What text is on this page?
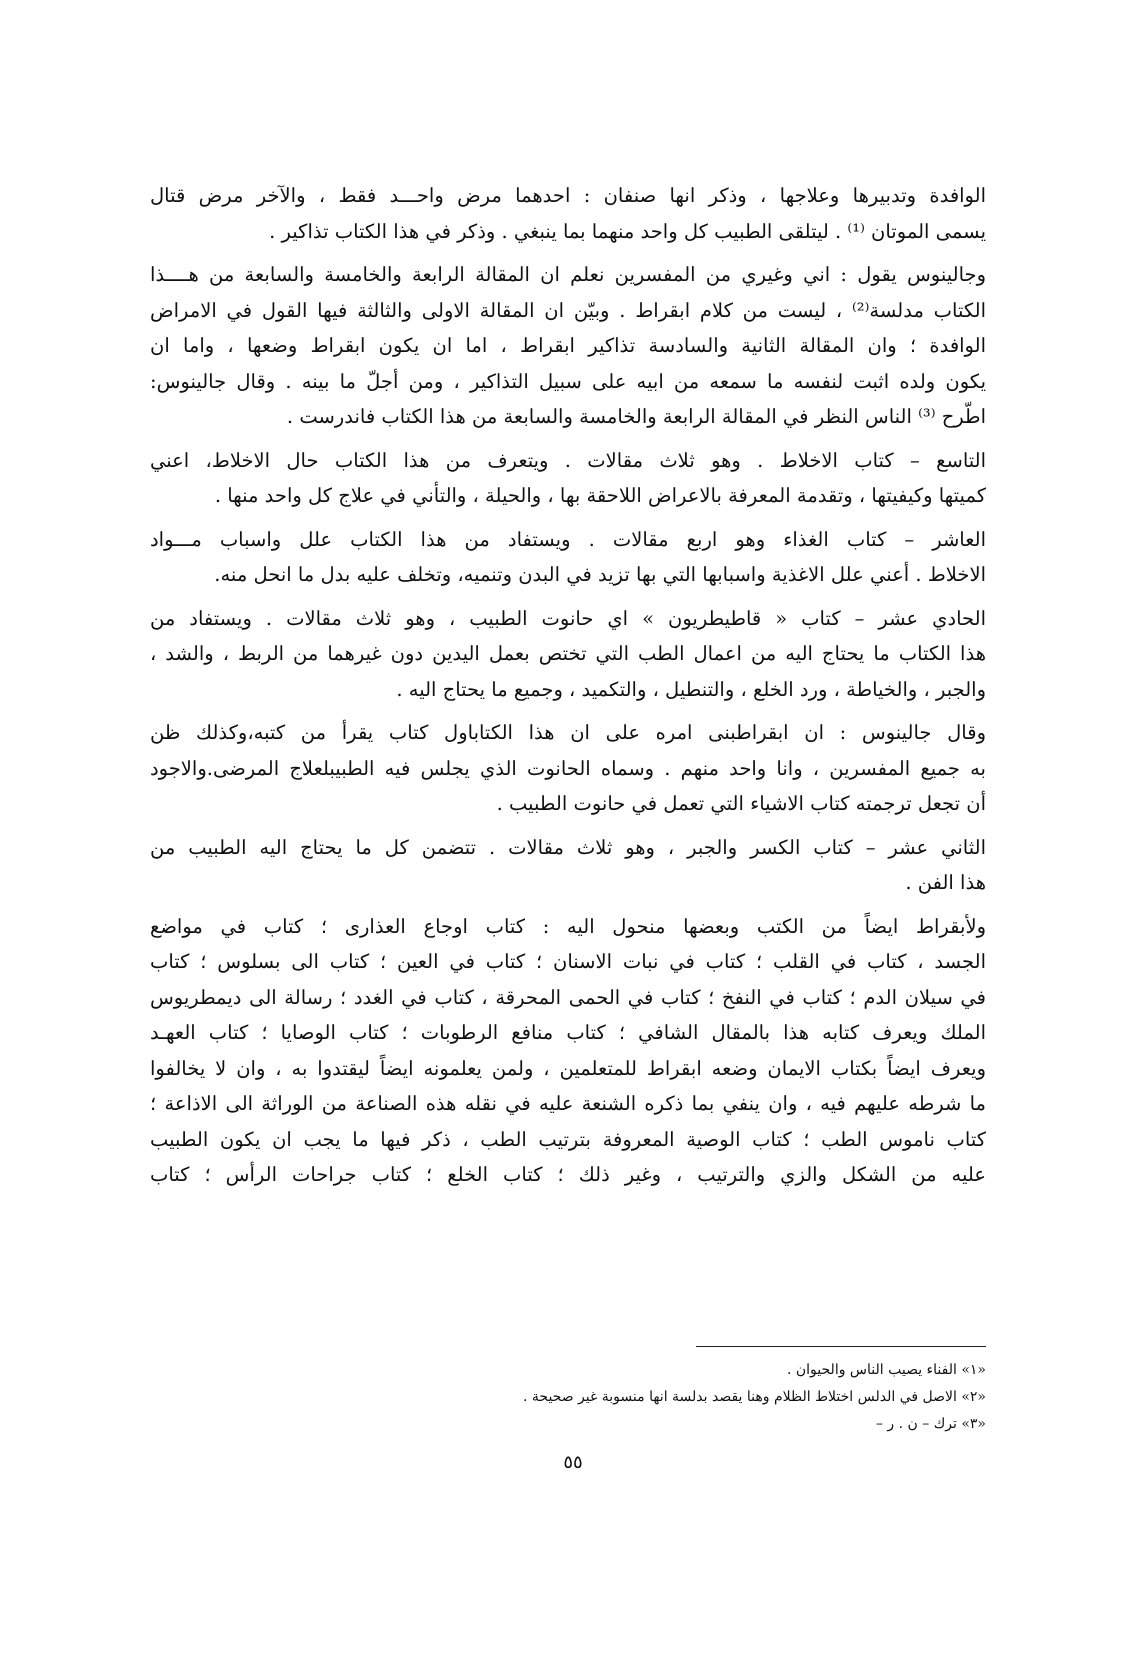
الوافدة وتدبيرها وعلاجها ، وذكر انها صنفان : احدهما مرض واحـــد فقط ، والآخر مرض قتال
يسمى الموتان ⁽¹⁾ . ليتلقى الطبيب كل واحد منهما بما ينبغي . وذكر في هذا الكتاب تذاكير .
وجالينوس يقول : اني وغيري من المفسرين نعلم ان المقالة الرابعة والخامسة والسابعة من هــــذا
الكتاب مدلسة⁽²⁾ ، ليست من كلام ابقراط . وبيّن ان المقالة الاولى والثالثة فيها القول في الامراض
الوافدة ؛ وان المقالة الثانية والسادسة تذاكير ابقراط ، اما ان يكون ابقراط وضعها ، واما ان
يكون ولده اثبت لنفسه ما سمعه من ابيه على سبيل التذاكير ، ومن أجلّ ما بينه . وقال جالينوس:
اطّرح ⁽³⁾ الناس النظر في المقالة الرابعة والخامسة والسابعة من هذا الكتاب فاندرست .
التاسع – كتاب الاخلاط . وهو ثلاث مقالات . ويتعرف من هذا الكتاب حال الاخلاط، اعني
كميتها وكيفيتها ، وتقدمة المعرفة بالاعراض اللاحقة بها ، والحيلة ، والتأني في علاج كل واحد منها .
العاشر – كتاب الغذاء وهو اربع مقالات . ويستفاد من هذا الكتاب علل واسباب مـــواد
الاخلاط . أعني علل الاغذية واسبابها التي بها تزيد في البدن وتنميه، وتخلف عليه بدل ما انحل منه.
الحادي عشر – كتاب « قاطيطريون » اي حانوت الطبيب ، وهو ثلاث مقالات . ويستفاد من
هذا الكتاب ما يحتاج اليه من اعمال الطب التي تختص بعمل اليدين دون غيرهما من الربط ، والشد ،
والجبر ، والخياطة ، ورد الخلع ، والتنطيل ، والتكميد ، وجميع ما يحتاج اليه .
وقال جالينوس : ان ابقراطبنى امره على ان هذا الكتاباول كتاب يقرأ من كتبه،وكذلك ظن
به جميع المفسرين ، وانا واحد منهم . وسماه الحانوت الذي يجلس فيه الطبيبلعلاج المرضى.والاجود
أن تجعل ترجمته كتاب الاشياء التي تعمل في حانوت الطبيب .
الثاني عشر – كتاب الكسر والجبر ، وهو ثلاث مقالات . تتضمن كل ما يحتاج اليه الطبيب من
هذا الفن .
ولأبقراط ايضاً من الكتب وبعضها منحول اليه : كتاب اوجاع العذارى ؛ كتاب في مواضع
الجسد ، كتاب في القلب ؛ كتاب في نبات الاسنان ؛ كتاب في العين ؛ كتاب الى بسلوس ؛ كتاب
في سيلان الدم ؛ كتاب في النفخ ؛ كتاب في الحمى المحرقة ، كتاب في الغدد ؛ رسالة الى ديمطريوس
الملك ويعرف كتابه هذا بالمقال الشافي ؛ كتاب منافع الرطوبات ؛ كتاب الوصايا ؛ كتاب العهـد
ويعرف ايضاً بكتاب الايمان وضعه ابقراط للمتعلمين ، ولمن يعلمونه ايضاً ليقتدوا به ، وان لا يخالفوا
ما شرطه عليهم فيه ، وان ينفي بما ذكره الشنعة عليه في نقله هذه الصناعة من الوراثة الى الاذاعة ؛
كتاب ناموس الطب ؛ كتاب الوصية المعروفة بترتيب الطب ، ذكر فيها ما يجب ان يكون الطبيب
عليه من الشكل والزي والترتيب ، وغير ذلك ؛ كتاب الخلع ؛ كتاب جراحات الرأس ؛ كتاب

«١» الفناء يصيب الناس والحيوان .

«٢» الاصل في الدلس اختلاط الظلام وهنا يقصد بدلسة انها منسوبة غير صحيحة .

«٣» ترك – ن . ر –

٥٥
